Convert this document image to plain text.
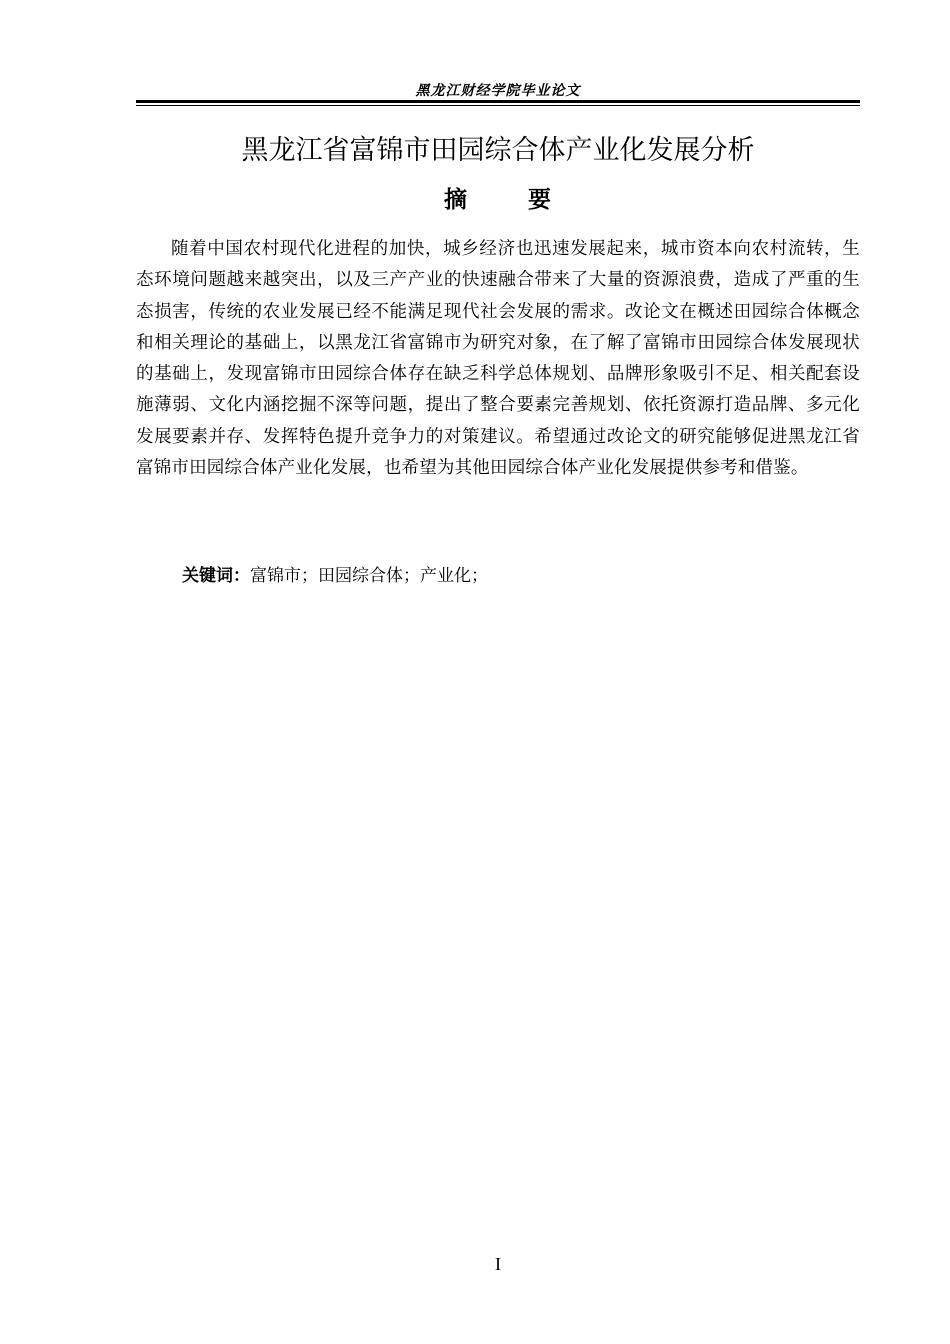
黑龙江财经学院毕业论文
黑龙江省富锦市田园综合体产业化发展分析
摘	要

随着中国农村现代化进程的加快，城乡经济也迅速发展起来，城市资本向农村流转，生态环境问题越来越突出，以及三产产业的快速融合带来了大量的资源浪费，造成了严重的生态损害，传统的农业发展已经不能满足现代社会发展的需求。改论文在概述田园综合体概念和相关理论的基础上，以黑龙江省富锦市为研究对象，在了解了富锦市田园综合体发展现状的基础上，发现富锦市田园综合体存在缺乏科学总体规划、品牌形象吸引不足、相关配套设施薄弱、文化内涵挖掘不深等问题，提出了整合要素完善规划、依托资源打造品牌、多元化发展要素并存、发挥特色提升竞争力的对策建议。希望通过改论文的研究能够促进黑龙江省富锦市田园综合体产业化发展，也希望为其他田园综合体产业化发展提供参考和借鉴。

关键词：富锦市；田园综合体；产业化；
I
